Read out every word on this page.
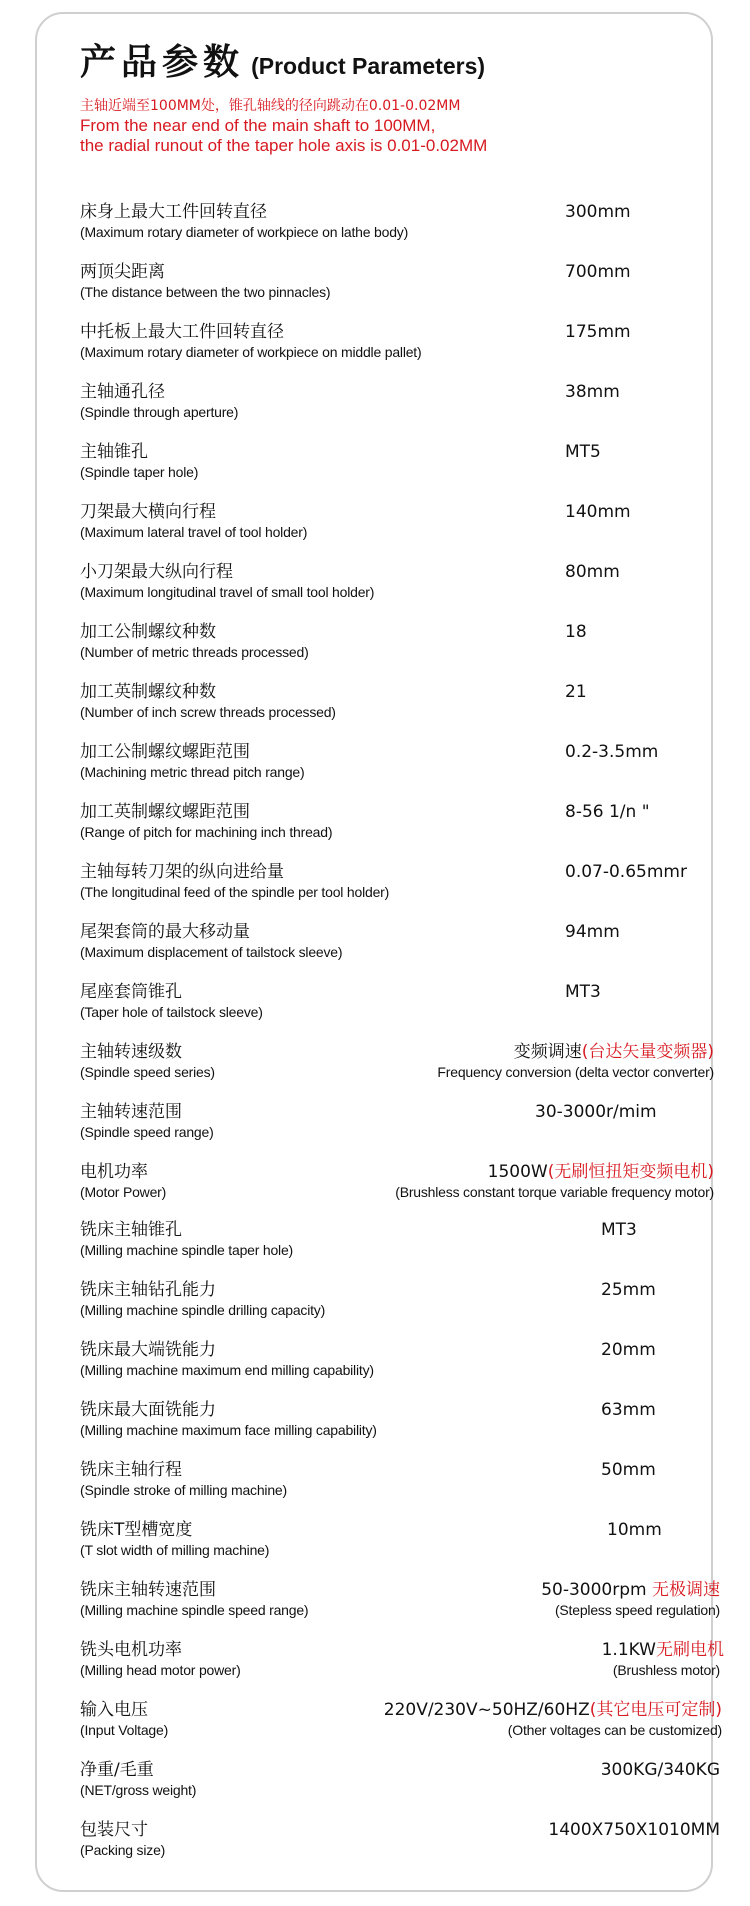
产品参数 (Product Parameters)
主轴近端至100MM处，锥孔轴线的径向跳动在0.01-0.02MM
From the near end of the main shaft to 100MM,
the radial runout of the taper hole axis is 0.01-0.02MM
床身上最大工件回转直径
(Maximum rotary diameter of workpiece on lathe body)
300mm
两顶尖距离
(The distance between the two pinnacles)
700mm
中托板上最大工件回转直径
(Maximum rotary diameter of workpiece on middle pallet)
175mm
主轴通孔径
(Spindle through aperture)
38mm
主轴锥孔
(Spindle taper hole)
MT5
刀架最大横向行程
(Maximum lateral travel of tool holder)
140mm
小刀架最大纵向行程
(Maximum longitudinal travel of small tool holder)
80mm
加工公制螺纹种数
(Number of metric threads processed)
18
加工英制螺纹种数
(Number of inch screw threads processed)
21
加工公制螺纹螺距范围
(Machining metric thread pitch range)
0.2-3.5mm
加工英制螺纹螺距范围
(Range of pitch for machining inch thread)
8-56 1/n "
主轴每转刀架的纵向进给量
(The longitudinal feed of the spindle per tool holder)
0.07-0.65mmr
尾架套筒的最大移动量
(Maximum displacement of tailstock sleeve)
94mm
尾座套筒锥孔
(Taper hole of tailstock sleeve)
MT3
主轴转速级数
(Spindle speed series)
变频调速(台达矢量变频器)
Frequency conversion (delta vector converter)
主轴转速范围
(Spindle speed range)
30-3000r/mim
电机功率
(Motor Power)
1500W(无刷恒扭矩变频电机)
(Brushless constant torque variable frequency motor)
铣床主轴锥孔
(Milling machine spindle taper hole)
MT3
铣床主轴钻孔能力
(Milling machine spindle drilling capacity)
25mm
铣床最大端铣能力
(Milling machine maximum end milling capability)
20mm
铣床最大面铣能力
(Milling machine maximum face milling capability)
63mm
铣床主轴行程
(Spindle stroke of milling machine)
50mm
铣床T型槽宽度
(T slot width of milling machine)
10mm
铣床主轴转速范围
(Milling machine spindle speed range)
50-3000rpm 无极调速
(Stepless speed regulation)
铣头电机功率
(Milling head motor power)
1.1KW无刷电机
(Brushless motor)
输入电压
(Input Voltage)
220V/230V~50HZ/60HZ(其它电压可定制)
(Other voltages can be customized)
净重/毛重
(NET/gross weight)
300KG/340KG
包装尺寸
(Packing size)
1400X750X1010MM
